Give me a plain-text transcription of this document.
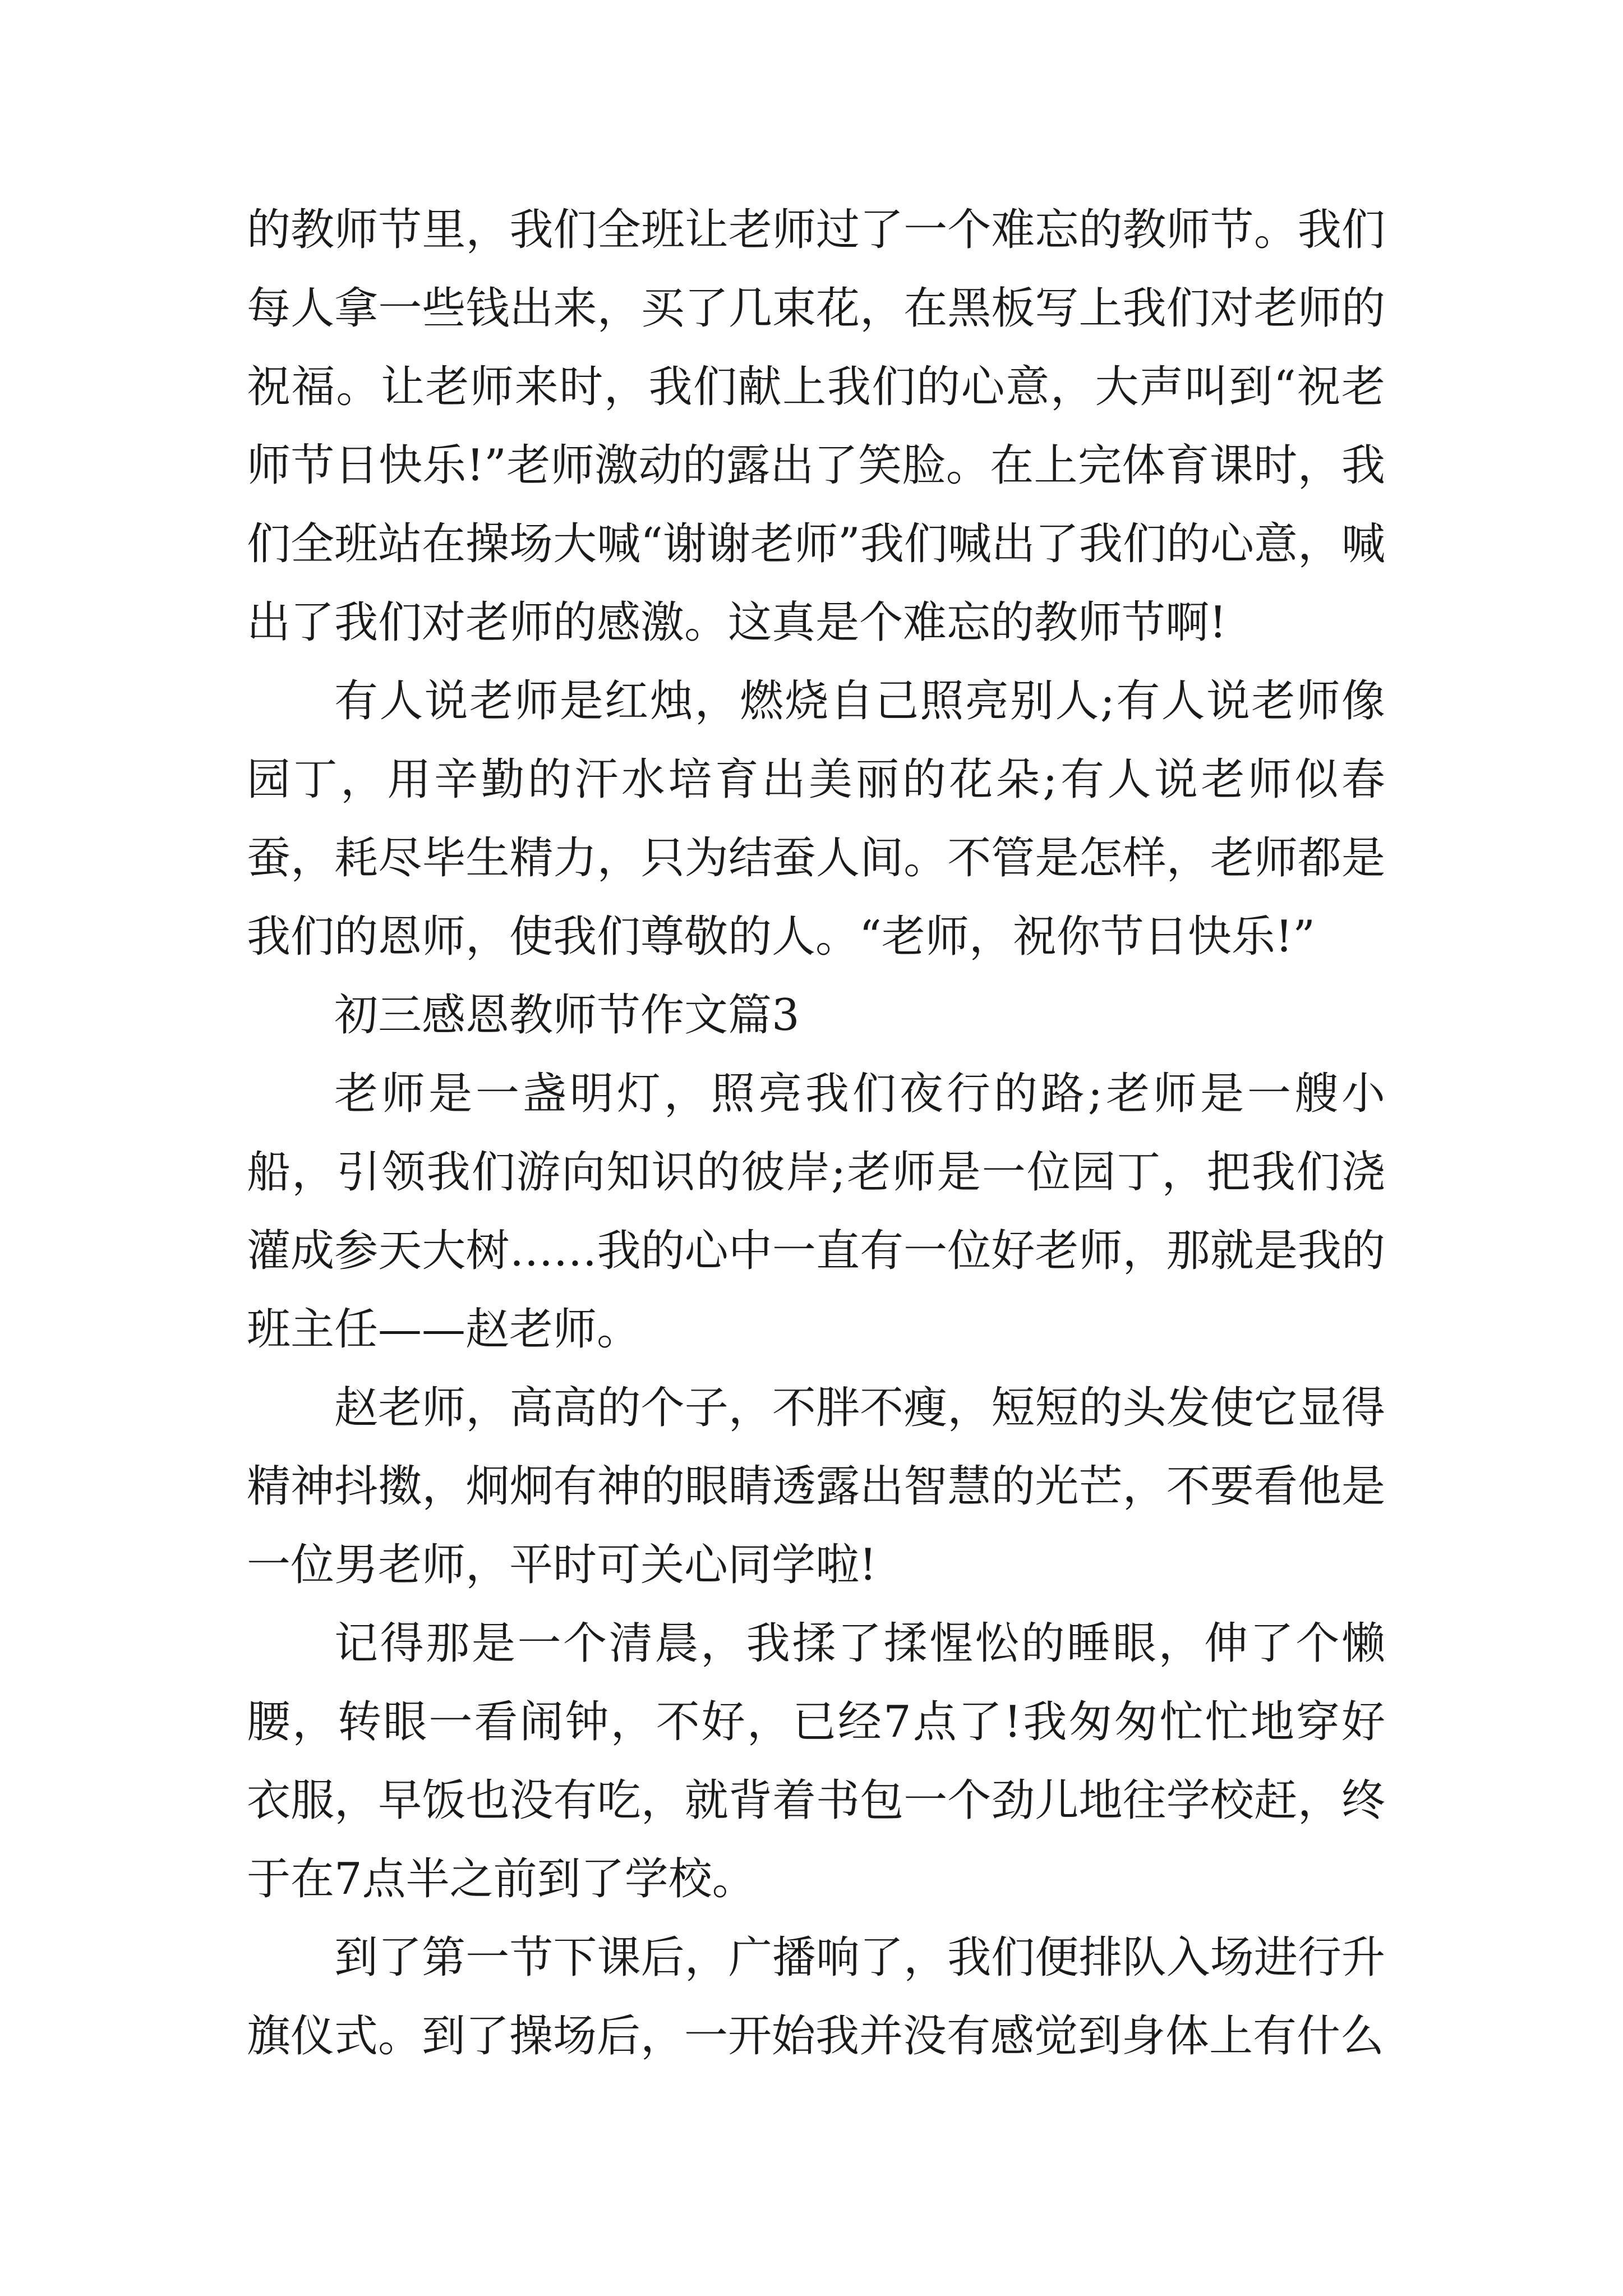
的教师节里，我们全班让老师过了一个难忘的教师节。我们每人拿一些钱出来，买了几束花，在黑板写上我们对老师的祝福。让老师来时，我们献上我们的心意，大声叫到“祝老师节日快乐!”老师激动的露出了笑脸。在上完体育课时，我们全班站在操场大喊“谢谢老师”我们喊出了我们的心意，喊出了我们对老师的感激。这真是个难忘的教师节啊!

有人说老师是红烛，燃烧自己照亮别人;有人说老师像园丁，用辛勤的汗水培育出美丽的花朵;有人说老师似春蚕，耗尽毕生精力，只为结蚕人间。不管是怎样，老师都是我们的恩师，使我们尊敬的人。“老师，祝你节日快乐!”

初三感恩教师节作文篇3

老师是一盏明灯，照亮我们夜行的路;老师是一艘小船，引领我们游向知识的彼岸;老师是一位园丁，把我们浇灌成参天大树……我的心中一直有一位好老师，那就是我的班主任——赵老师。

赵老师，高高的个子，不胖不瘦，短短的头发使它显得精神抖擞，炯炯有神的眼睛透露出智慧的光芒，不要看他是一位男老师，平时可关心同学啦!

记得那是一个清晨，我揉了揉惺忪的睡眼，伸了个懒腰，转眼一看闹钟，不好，已经7点了!我匆匆忙忙地穿好衣服，早饭也没有吃，就背着书包一个劲儿地往学校赶，终于在7点半之前到了学校。

到了第一节下课后，广播响了，我们便排队入场进行升旗仪式。到了操场后，一开始我并没有感觉到身体上有什么
